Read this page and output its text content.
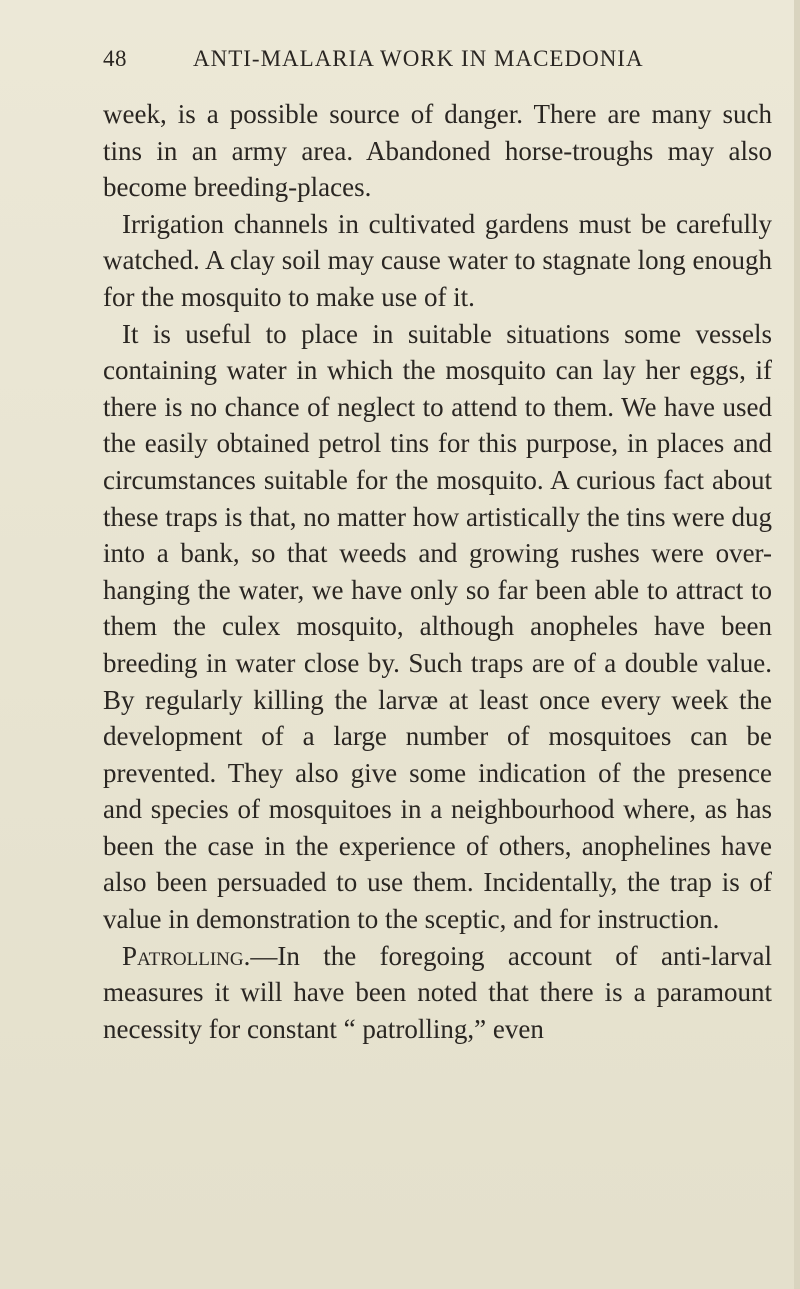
48	ANTI-MALARIA WORK IN MACEDONIA

week, is a possible source of danger. There are many such tins in an army area. Abandoned horse-troughs may also become breeding-places.

Irrigation channels in cultivated gardens must be carefully watched. A clay soil may cause water to stagnate long enough for the mosquito to make use of it.

It is useful to place in suitable situations some vessels containing water in which the mosquito can lay her eggs, if there is no chance of neglect to attend to them. We have used the easily obtained petrol tins for this purpose, in places and circumstances suitable for the mosquito. A curious fact about these traps is that, no matter how artistically the tins were dug into a bank, so that weeds and growing rushes were over-hanging the water, we have only so far been able to attract to them the culex mosquito, although anopheles have been breeding in water close by. Such traps are of a double value. By regularly killing the larvæ at least once every week the development of a large number of mosquitoes can be prevented. They also give some indication of the presence and species of mosquitoes in a neighbourhood where, as has been the case in the experience of others, anophelines have also been persuaded to use them. Incidentally, the trap is of value in demonstration to the sceptic, and for instruction.

Patrolling.—In the foregoing account of anti-larval measures it will have been noted that there is a paramount necessity for constant “ patrolling,” even
